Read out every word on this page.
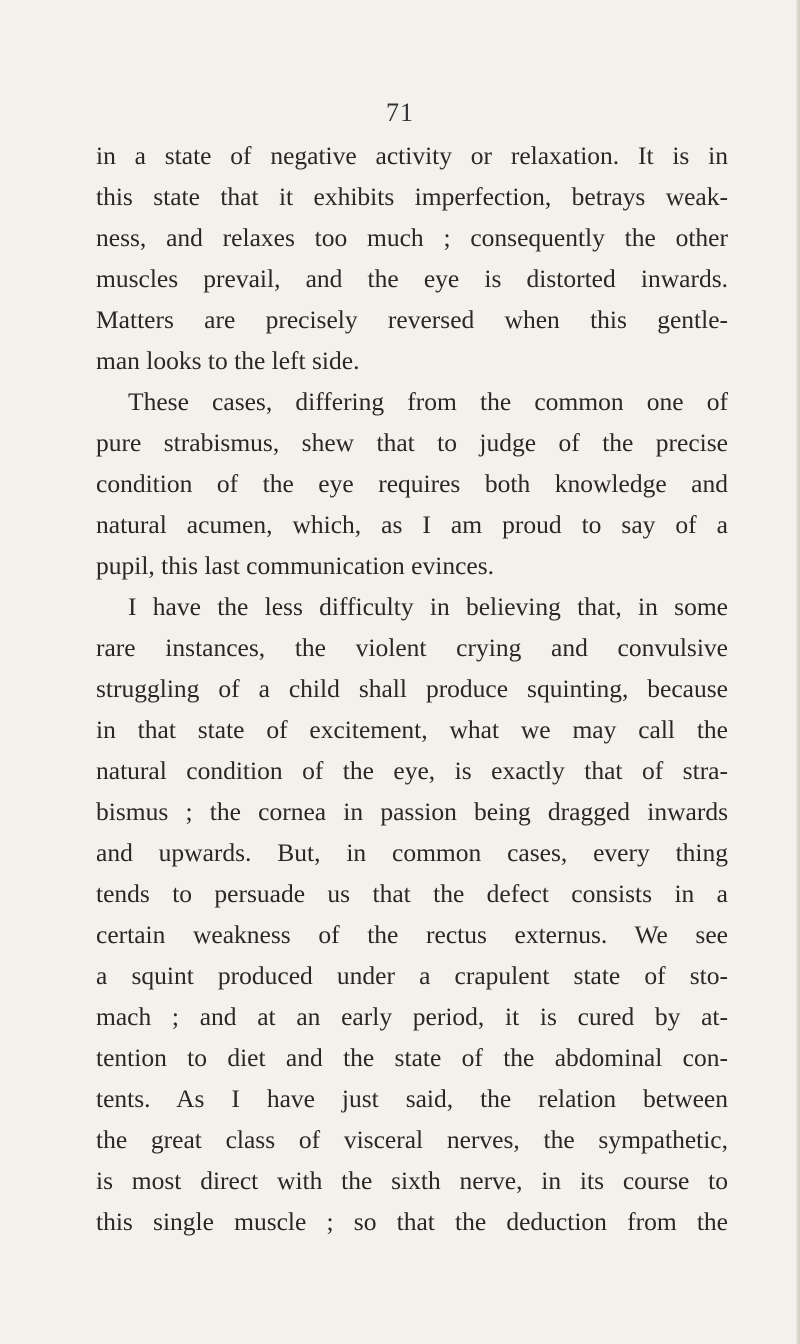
71
in a state of negative activity or relaxation. It is in
this state that it exhibits imperfection, betrays weak-
ness, and relaxes too much ; consequently the other
muscles prevail, and the eye is distorted inwards.
Matters are precisely reversed when this gentle-
man looks to the left side.
These cases, differing from the common one of
pure strabismus, shew that to judge of the precise
condition of the eye requires both knowledge and
natural acumen, which, as I am proud to say of a
pupil, this last communication evinces.
I have the less difficulty in believing that, in some
rare instances, the violent crying and convulsive
struggling of a child shall produce squinting, because
in that state of excitement, what we may call the
natural condition of the eye, is exactly that of stra-
bismus ; the cornea in passion being dragged inwards
and upwards. But, in common cases, every thing
tends to persuade us that the defect consists in a
certain weakness of the rectus externus. We see
a squint produced under a crapulent state of sto-
mach ; and at an early period, it is cured by at-
tention to diet and the state of the abdominal con-
tents. As I have just said, the relation between
the great class of visceral nerves, the sympathetic,
is most direct with the sixth nerve, in its course to
this single muscle ; so that the deduction from the
